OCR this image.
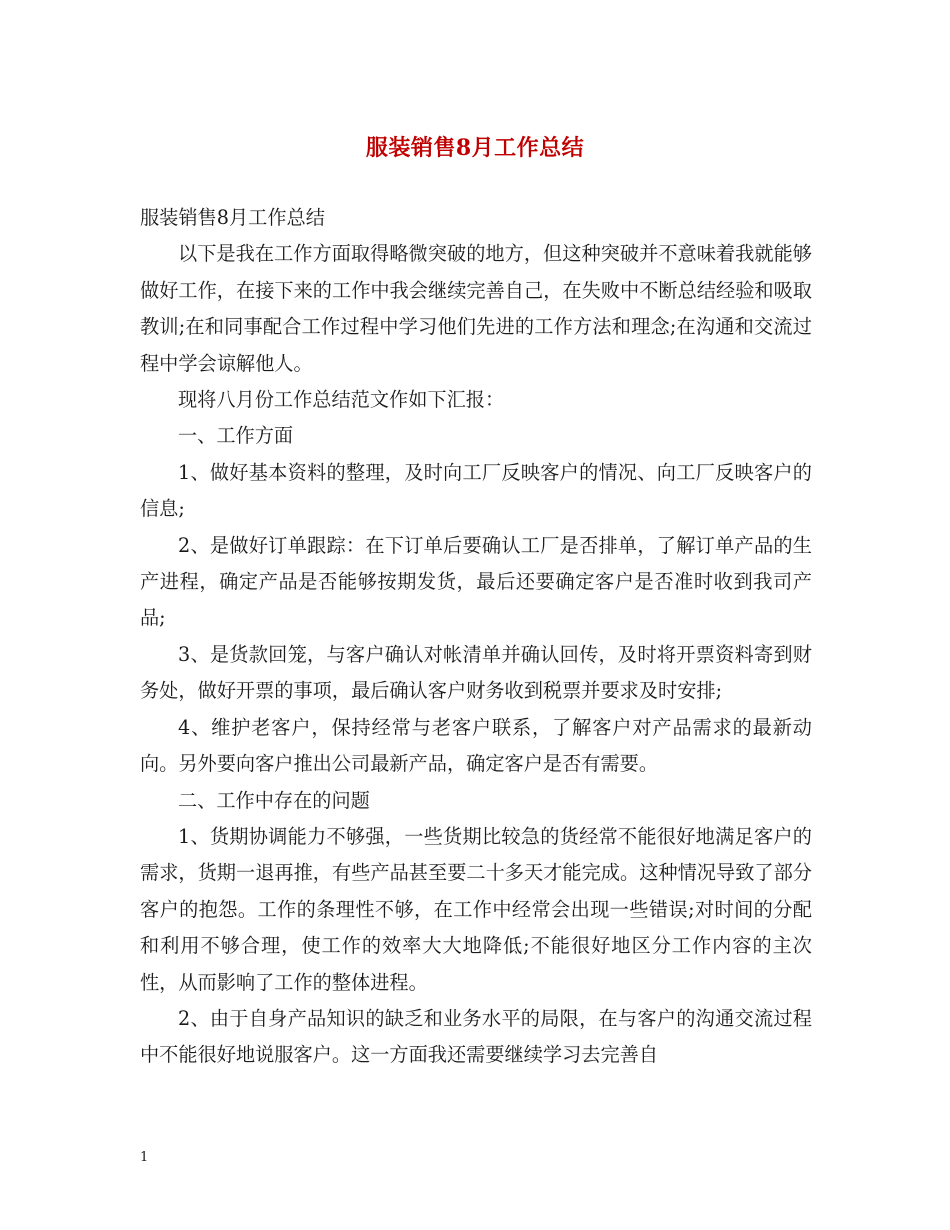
服装销售8月工作总结

服装销售8月工作总结

以下是我在工作方面取得略微突破的地方，但这种突破并不意味着我就能够做好工作，在接下来的工作中我会继续完善自己，在失败中不断总结经验和吸取教训;在和同事配合工作过程中学习他们先进的工作方法和理念;在沟通和交流过程中学会谅解他人。

现将八月份工作总结范文作如下汇报：

一、工作方面

1、做好基本资料的整理，及时向工厂反映客户的情况、向工厂反映客户的信息;

2、是做好订单跟踪：在下订单后要确认工厂是否排单，了解订单产品的生产进程，确定产品是否能够按期发货，最后还要确定客户是否准时收到我司产品;

3、是货款回笼，与客户确认对帐清单并确认回传，及时将开票资料寄到财务处，做好开票的事项，最后确认客户财务收到税票并要求及时安排;

4、维护老客户，保持经常与老客户联系，了解客户对产品需求的最新动向。另外要向客户推出公司最新产品，确定客户是否有需要。

二、工作中存在的问题

1、货期协调能力不够强，一些货期比较急的货经常不能很好地满足客户的需求，货期一退再推，有些产品甚至要二十多天才能完成。这种情况导致了部分客户的抱怨。工作的条理性不够，在工作中经常会出现一些错误;对时间的分配和利用不够合理，使工作的效率大大地降低;不能很好地区分工作内容的主次性，从而影响了工作的整体进程。

2、由于自身产品知识的缺乏和业务水平的局限，在与客户的沟通交流过程中不能很好地说服客户。这一方面我还需要继续学习去完善自

1
